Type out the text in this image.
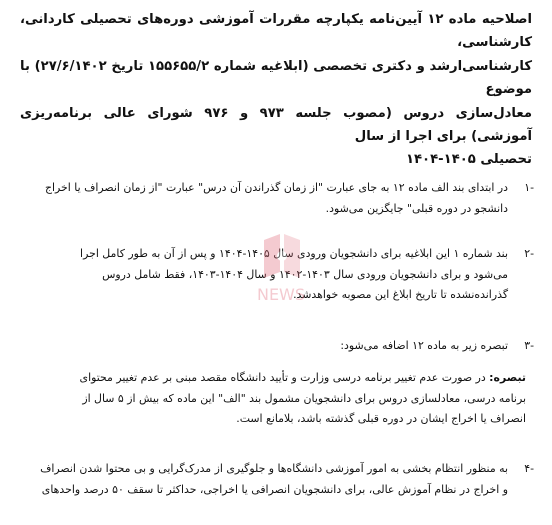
اصلاحیه ماده ۱۲ آیین‌نامه یکپارچه مقررات آموزشی دوره‌های تحصیلی کاردانی، کارشناسی،
کارشناسی‌ارشد و دکتری تخصصی (ابلاغیه شماره ۱۵۵۶۵۵/۲ تاریخ ۲۷/۶/۱۴۰۲) با موضوع
معادل‌سازی دروس (مصوب جلسه ۹۷۳ و ۹۷۶ شورای عالی برنامه‌ریزی آموزشی) برای اجرا از سال
تحصیلی ۱۴۰۵-۱۴۰۴
-۱
در ابتدای بند الف ماده ۱۲ به جای عبارت "از زمان گذراندن آن درس" عبارت "از زمان انصراف یا اخراج
دانشجو در دوره قبلی" جایگزین می‌شود.
-۲
بند شماره ۱ این ابلاغیه برای دانشجویان ورودی سال ۱۴۰۵-۱۴۰۴ و پس از آن به طور کامل اجرا
می‌شود و برای دانشجویان ورودی سال ۱۴۰۳-۱۴۰۲ و سال ۱۴۰۴-۱۴۰۳، فقط شامل دروس
گذرانده‌نشده تا تاریخ ابلاغ این مصوبه خواهدشد.
-۳
تبصره زیر به ماده ۱۲ اضافه می‌شود:
تبصره: در صورت عدم تغییر برنامه درسی وزارت و تأیید دانشگاه مقصد مبنی بر عدم تغییر محتوای
برنامه درسی، معادلسازی دروس برای دانشجویان مشمول بند "الف" این ماده که بیش از ۵ سال از
انصراف یا اخراج ایشان در دوره قبلی گذشته باشد، بلامانع است.
-۴
به منظور انتظام بخشی به امور آموزشی دانشگاه‌ها و جلوگیری از مدرک‌گرایی و بی محتوا شدن انصراف
و اخراج در نظام آموزش عالی، برای دانشجویان انصرافی یا اخراجی، حداکثر تا سقف ۵۰ درصد واحدهای
NEWS
